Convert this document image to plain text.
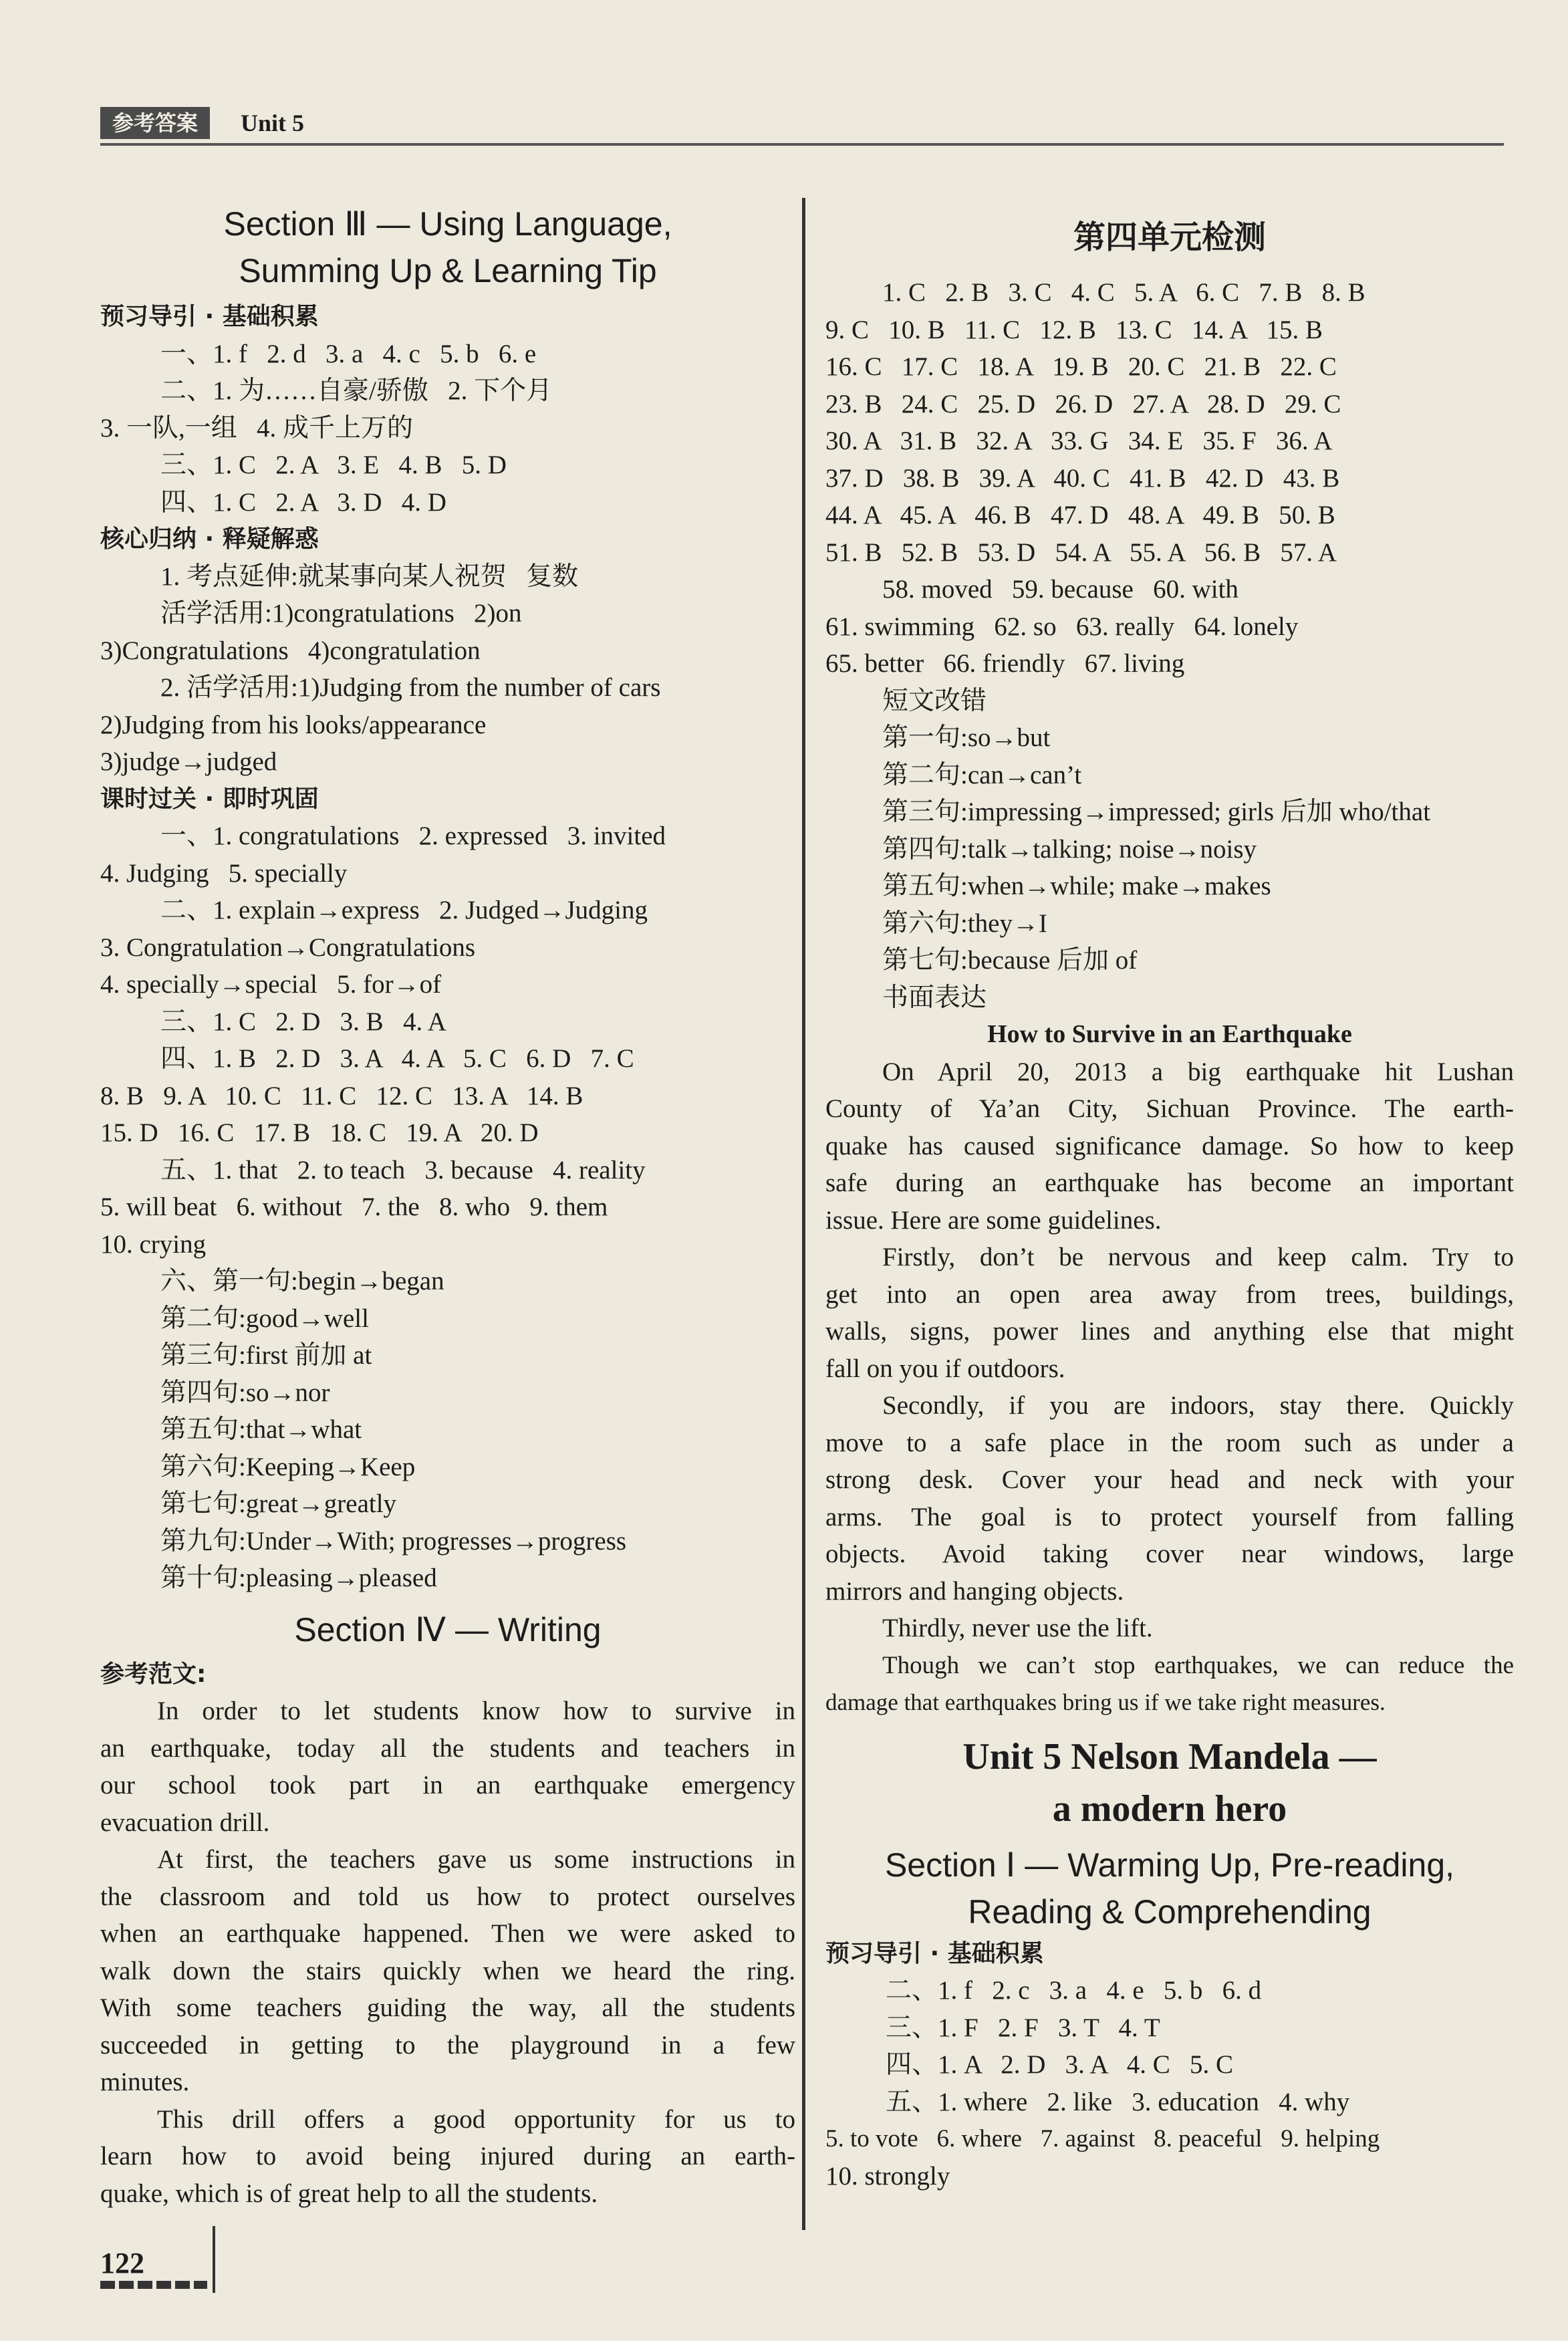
参考答案	Unit 5
Section Ⅲ — Using Language,
Summing Up & Learning Tip
预习导引 · 基础积累
一、1. f   2. d   3. a   4. c   5. b   6. e
二、1. 为……自豪/骄傲   2. 下个月
3. 一队,一组   4. 成千上万的
三、1. C   2. A   3. E   4. B   5. D
四、1. C   2. A   3. D   4. D
核心归纳 · 释疑解惑
1. 考点延伸:就某事向某人祝贺   复数
活学活用:1)congratulations   2)on
3)Congratulations   4)congratulation
2. 活学活用:1)Judging from the number of cars
2)Judging from his looks/appearance
3)judge→judged
课时过关 · 即时巩固
一、1. congratulations   2. expressed   3. invited
4. Judging   5. specially
二、1. explain→express   2. Judged→Judging
3. Congratulation→Congratulations
4. specially→special   5. for→of
三、1. C   2. D   3. B   4. A
四、1. B   2. D   3. A   4. A   5. C   6. D   7. C
8. B   9. A   10. C   11. C   12. C   13. A   14. B
15. D   16. C   17. B   18. C   19. A   20. D
五、1. that   2. to teach   3. because   4. reality
5. will beat   6. without   7. the   8. who   9. them
10. crying
六、第一句:begin→began
第二句:good→well
第三句:first 前加 at
第四句:so→nor
第五句:that→what
第六句:Keeping→Keep
第七句:great→greatly
第九句:Under→With; progresses→progress
第十句:pleasing→pleased
Section Ⅳ — Writing
参考范文:
In order to let students know how to survive in
an earthquake, today all the students and teachers in
our school took part in an earthquake emergency
evacuation drill.
At first, the teachers gave us some instructions in
the classroom and told us how to protect ourselves
when an earthquake happened. Then we were asked to
walk down the stairs quickly when we heard the ring.
With some teachers guiding the way, all the students
succeeded in getting to the playground in a few
minutes.
This drill offers a good opportunity for us to
learn how to avoid being injured during an earth-
quake, which is of great help to all the students.
第四单元检测
1. C   2. B   3. C   4. C   5. A   6. C   7. B   8. B
9. C   10. B   11. C   12. B   13. C   14. A   15. B
16. C   17. C   18. A   19. B   20. C   21. B   22. C
23. B   24. C   25. D   26. D   27. A   28. D   29. C
30. A   31. B   32. A   33. G   34. E   35. F   36. A
37. D   38. B   39. A   40. C   41. B   42. D   43. B
44. A   45. A   46. B   47. D   48. A   49. B   50. B
51. B   52. B   53. D   54. A   55. A   56. B   57. A
58. moved   59. because   60. with
61. swimming   62. so   63. really   64. lonely
65. better   66. friendly   67. living
短文改错
第一句:so→but
第二句:can→can’t
第三句:impressing→impressed; girls 后加 who/that
第四句:talk→talking; noise→noisy
第五句:when→while; make→makes
第六句:they→I
第七句:because 后加 of
书面表达
How to Survive in an Earthquake
On April 20, 2013 a big earthquake hit Lushan
County of Ya’an City, Sichuan Province. The earth-
quake has caused significance damage. So how to keep
safe during an earthquake has become an important
issue. Here are some guidelines.
Firstly, don’t be nervous and keep calm. Try to
get into an open area away from trees, buildings,
walls, signs, power lines and anything else that might
fall on you if outdoors.
Secondly, if you are indoors, stay there. Quickly
move to a safe place in the room such as under a
strong desk. Cover your head and neck with your
arms. The goal is to protect yourself from falling
objects. Avoid taking cover near windows, large
mirrors and hanging objects.
Thirdly, never use the lift.
Though we can’t stop earthquakes, we can reduce the
damage that earthquakes bring us if we take right measures.
Unit 5 Nelson Mandela —
a modern hero
Section Ⅰ — Warming Up, Pre-reading,
Reading & Comprehending
预习导引 · 基础积累
二、1. f   2. c   3. a   4. e   5. b   6. d
三、1. F   2. F   3. T   4. T
四、1. A   2. D   3. A   4. C   5. C
五、1. where   2. like   3. education   4. why
5. to vote   6. where   7. against   8. peaceful   9. helping
10. strongly
122
